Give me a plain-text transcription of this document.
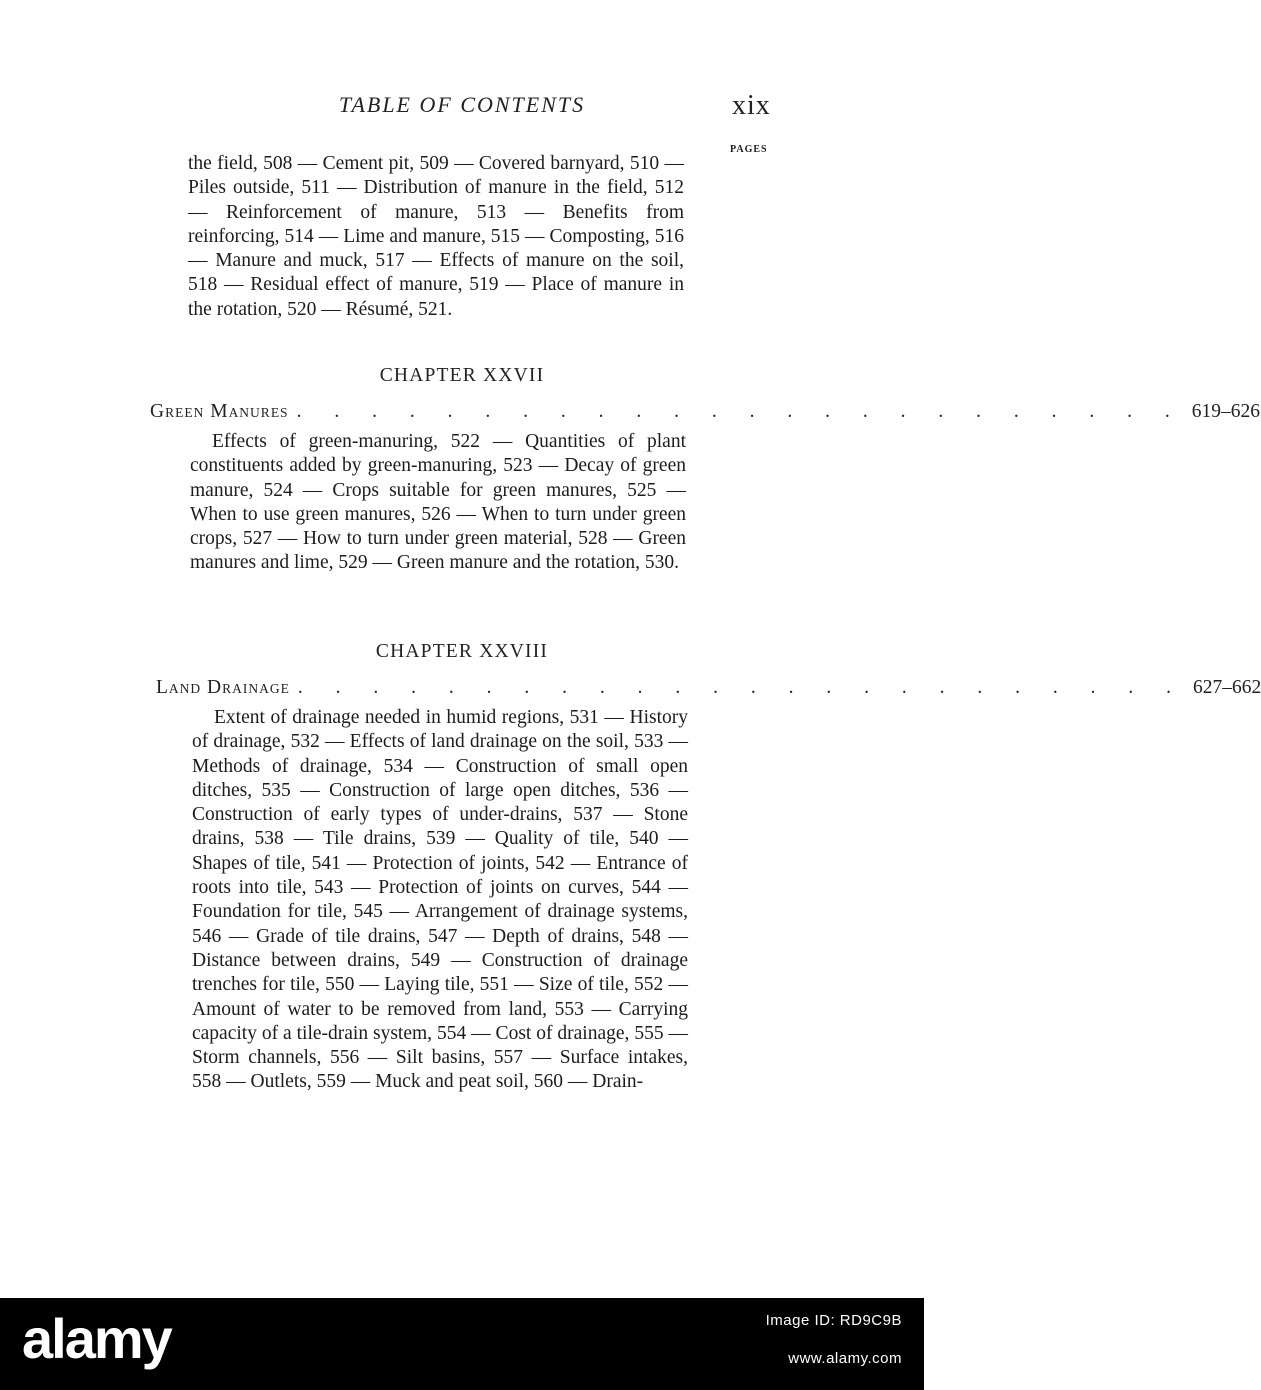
TABLE OF CONTENTS	xix
PAGES

the field, 508 — Cement pit, 509 — Covered barnyard, 510 — Piles outside, 511 — Distribution of manure in the field, 512 — Reinforcement of manure, 513 — Benefits from reinforcing, 514 — Lime and manure, 515 — Composting, 516 — Manure and muck, 517 — Effects of manure on the soil, 518 — Residual effect of manure, 519 — Place of manure in the rotation, 520 — Résumé, 521.

CHAPTER XXVII
GREEN MANURES . . . . . . . . . . . . . . . . . . . . . . . . 619–626

Effects of green-manuring, 522 — Quantities of plant constituents added by green-manuring, 523 — Decay of green manure, 524 — Crops suitable for green manures, 525 — When to use green manures, 526 — When to turn under green crops, 527 — How to turn under green material, 528 — Green manures and lime, 529 — Green manure and the rotation, 530.

CHAPTER XXVIII
LAND DRAINAGE . . . . . . . . . . . . . . . . . . . . . . . . 627–662

Extent of drainage needed in humid regions, 531 — History of drainage, 532 — Effects of land drainage on the soil, 533 — Methods of drainage, 534 — Construction of small open ditches, 535 — Construction of large open ditches, 536 — Construction of early types of under-drains, 537 — Stone drains, 538 — Tile drains, 539 — Quality of tile, 540 — Shapes of tile, 541 — Protection of joints, 542 — Entrance of roots into tile, 543 — Protection of joints on curves, 544 — Foundation for tile, 545 — Arrangement of drainage systems, 546 — Grade of tile drains, 547 — Depth of drains, 548 — Distance between drains, 549 — Construction of drainage trenches for tile, 550 — Laying tile, 551 — Size of tile, 552 — Amount of water to be removed from land, 553 — Carrying capacity of a tile-drain system, 554 — Cost of drainage, 555 — Storm channels, 556 — Silt basins, 557 — Surface intakes, 558 — Outlets, 559 — Muck and peat soil, 560 — Drain-

alamy	Image ID: RD9C9B
www.alamy.com
